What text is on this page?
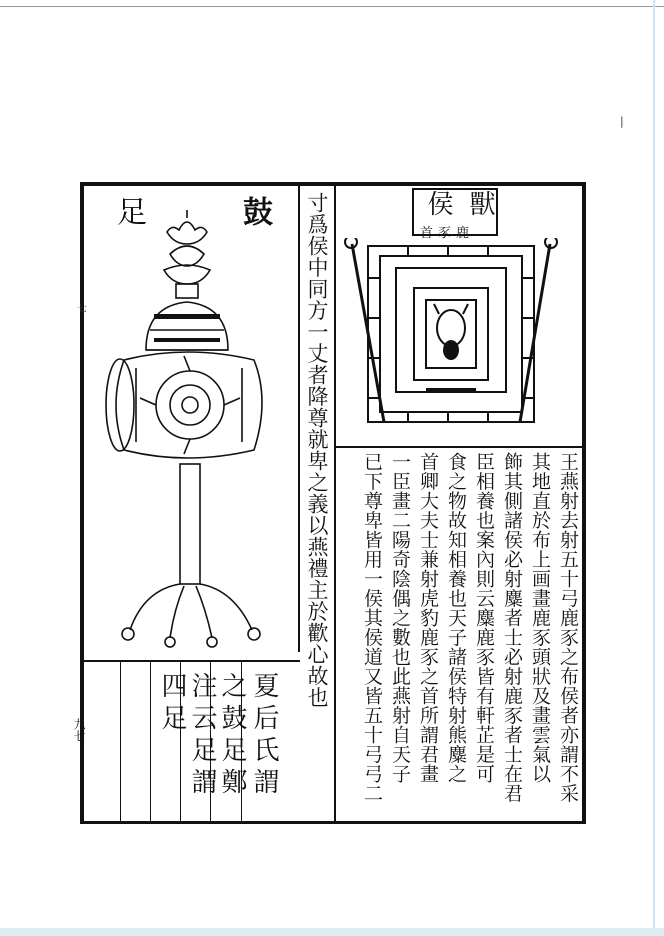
|
鼓
足
夏后氏謂
之鼓足鄭
注云足謂
四足	寸爲侯中同方一丈者降尊就卑之義以燕禮主於歡心故也	獸
侯
首豕鹿
王燕射去射五十弓鹿豕之布侯者亦謂不采
其地直於布上画畫鹿豕頭狀及畫雲氣以
飾其側諸侯必射麋者士必射鹿豕者士在君
臣相養也案內則云麋鹿豕皆有軒芷是可
食之物故知相養也天子諸侯特射熊麋之
首卿大夫士兼射虎豹鹿豕之首所謂君畫
一臣畫二陽奇陰偶之數也此燕射自天子
已下尊卑皆用一侯其侯道又皆五十弓弓二
九七
七
